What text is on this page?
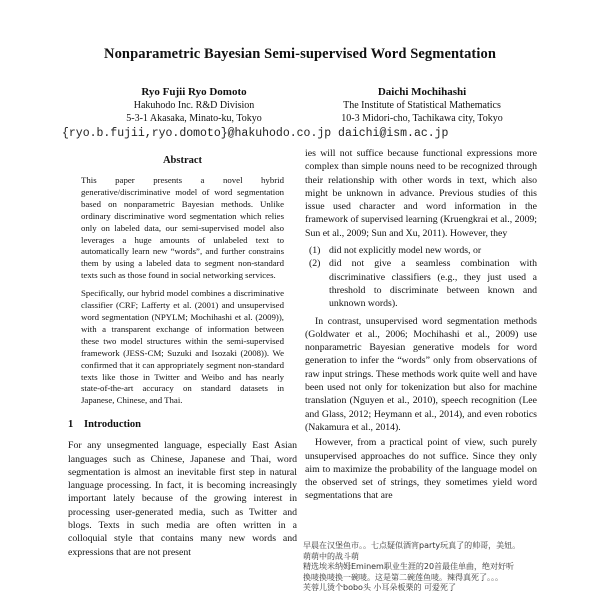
Nonparametric Bayesian Semi-supervised Word Segmentation
Ryo Fujii Ryo Domoto
Hakuhodo Inc. R&D Division
5-3-1 Akasaka, Minato-ku, Tokyo
Daichi Mochihashi
The Institute of Statistical Mathematics
10-3 Midori-cho, Tachikawa city, Tokyo
{ryo.b.fujii,ryo.domoto}@hakuhodo.co.jp daichi@ism.ac.jp
Abstract

This paper presents a novel hybrid generative/discriminative model of word segmentation based on nonparametric Bayesian methods. Unlike ordinary discriminative word segmentation which relies only on labeled data, our semi-supervised model also leverages a huge amounts of unlabeled text to automatically learn new “words”, and further constrains them by using a labeled data to segment non-standard texts such as those found in social networking services.

Specifically, our hybrid model combines a discriminative classifier (CRF; Lafferty et al. (2001) and unsupervised word segmentation (NPYLM; Mochihashi et al. (2009)), with a transparent exchange of information between these two model structures within the semi-supervised framework (JESS-CM; Suzuki and Isozaki (2008)). We confirmed that it can appropriately segment non-standard texts like those in Twitter and Weibo and has nearly state-of-the-art accuracy on standard datasets in Japanese, Chinese, and Thai.

1	Introduction
For any unsegmented language, especially East Asian languages such as Chinese, Japanese and Thai, word segmentation is almost an inevitable first step in natural language processing. In fact, it is becoming increasingly important lately because of the growing interest in processing user-generated media, such as Twitter and blogs. Texts in such media are often written in a colloquial style that contains many new words and expressions that are not present
ies will not suffice because functional expressions more complex than simple nouns need to be recognized through their relationship with other words in text, which also might be unknown in advance. Previous studies of this issue used character and word information in the framework of supervised learning (Kruengkrai et al., 2009; Sun et al., 2009; Sun and Xu, 2011). However, they
(1) did not explicitly model new words, or
(2) did not give a seamless combination with discriminative classifiers (e.g., they just used a threshold to discriminate between known and unknown words).
In contrast, unsupervised word segmentation methods (Goldwater et al., 2006; Mochihashi et al., 2009) use nonparametric Bayesian generative models for word generation to infer the “words” only from observations of raw input strings. These methods work quite well and have been used not only for tokenization but also for machine translation (Nguyen et al., 2010), speech recognition (Lee and Glass, 2012; Heymann et al., 2014), and even robotics (Nakamura et al., 2014).
However, from a practical point of view, such purely unsupervised approaches do not suffice. Since they only aim to maximize the probability of the language model on the observed set of strings, they sometimes yield word segmentations that are
早晨在汉堡鱼市。。七点疑似酒宵party玩真了的帅哥，美妞。
萌萌中的战斗萌
精选埃米纳姆Eminem职业生涯的20首最佳单曲，绝对好听
换唛换唛换一碗唛。这是第二碗莲鱼唛。辣得真死了。。。
芙蓉儿烫个bobo头 小耳朵板栗的 可爱死了
